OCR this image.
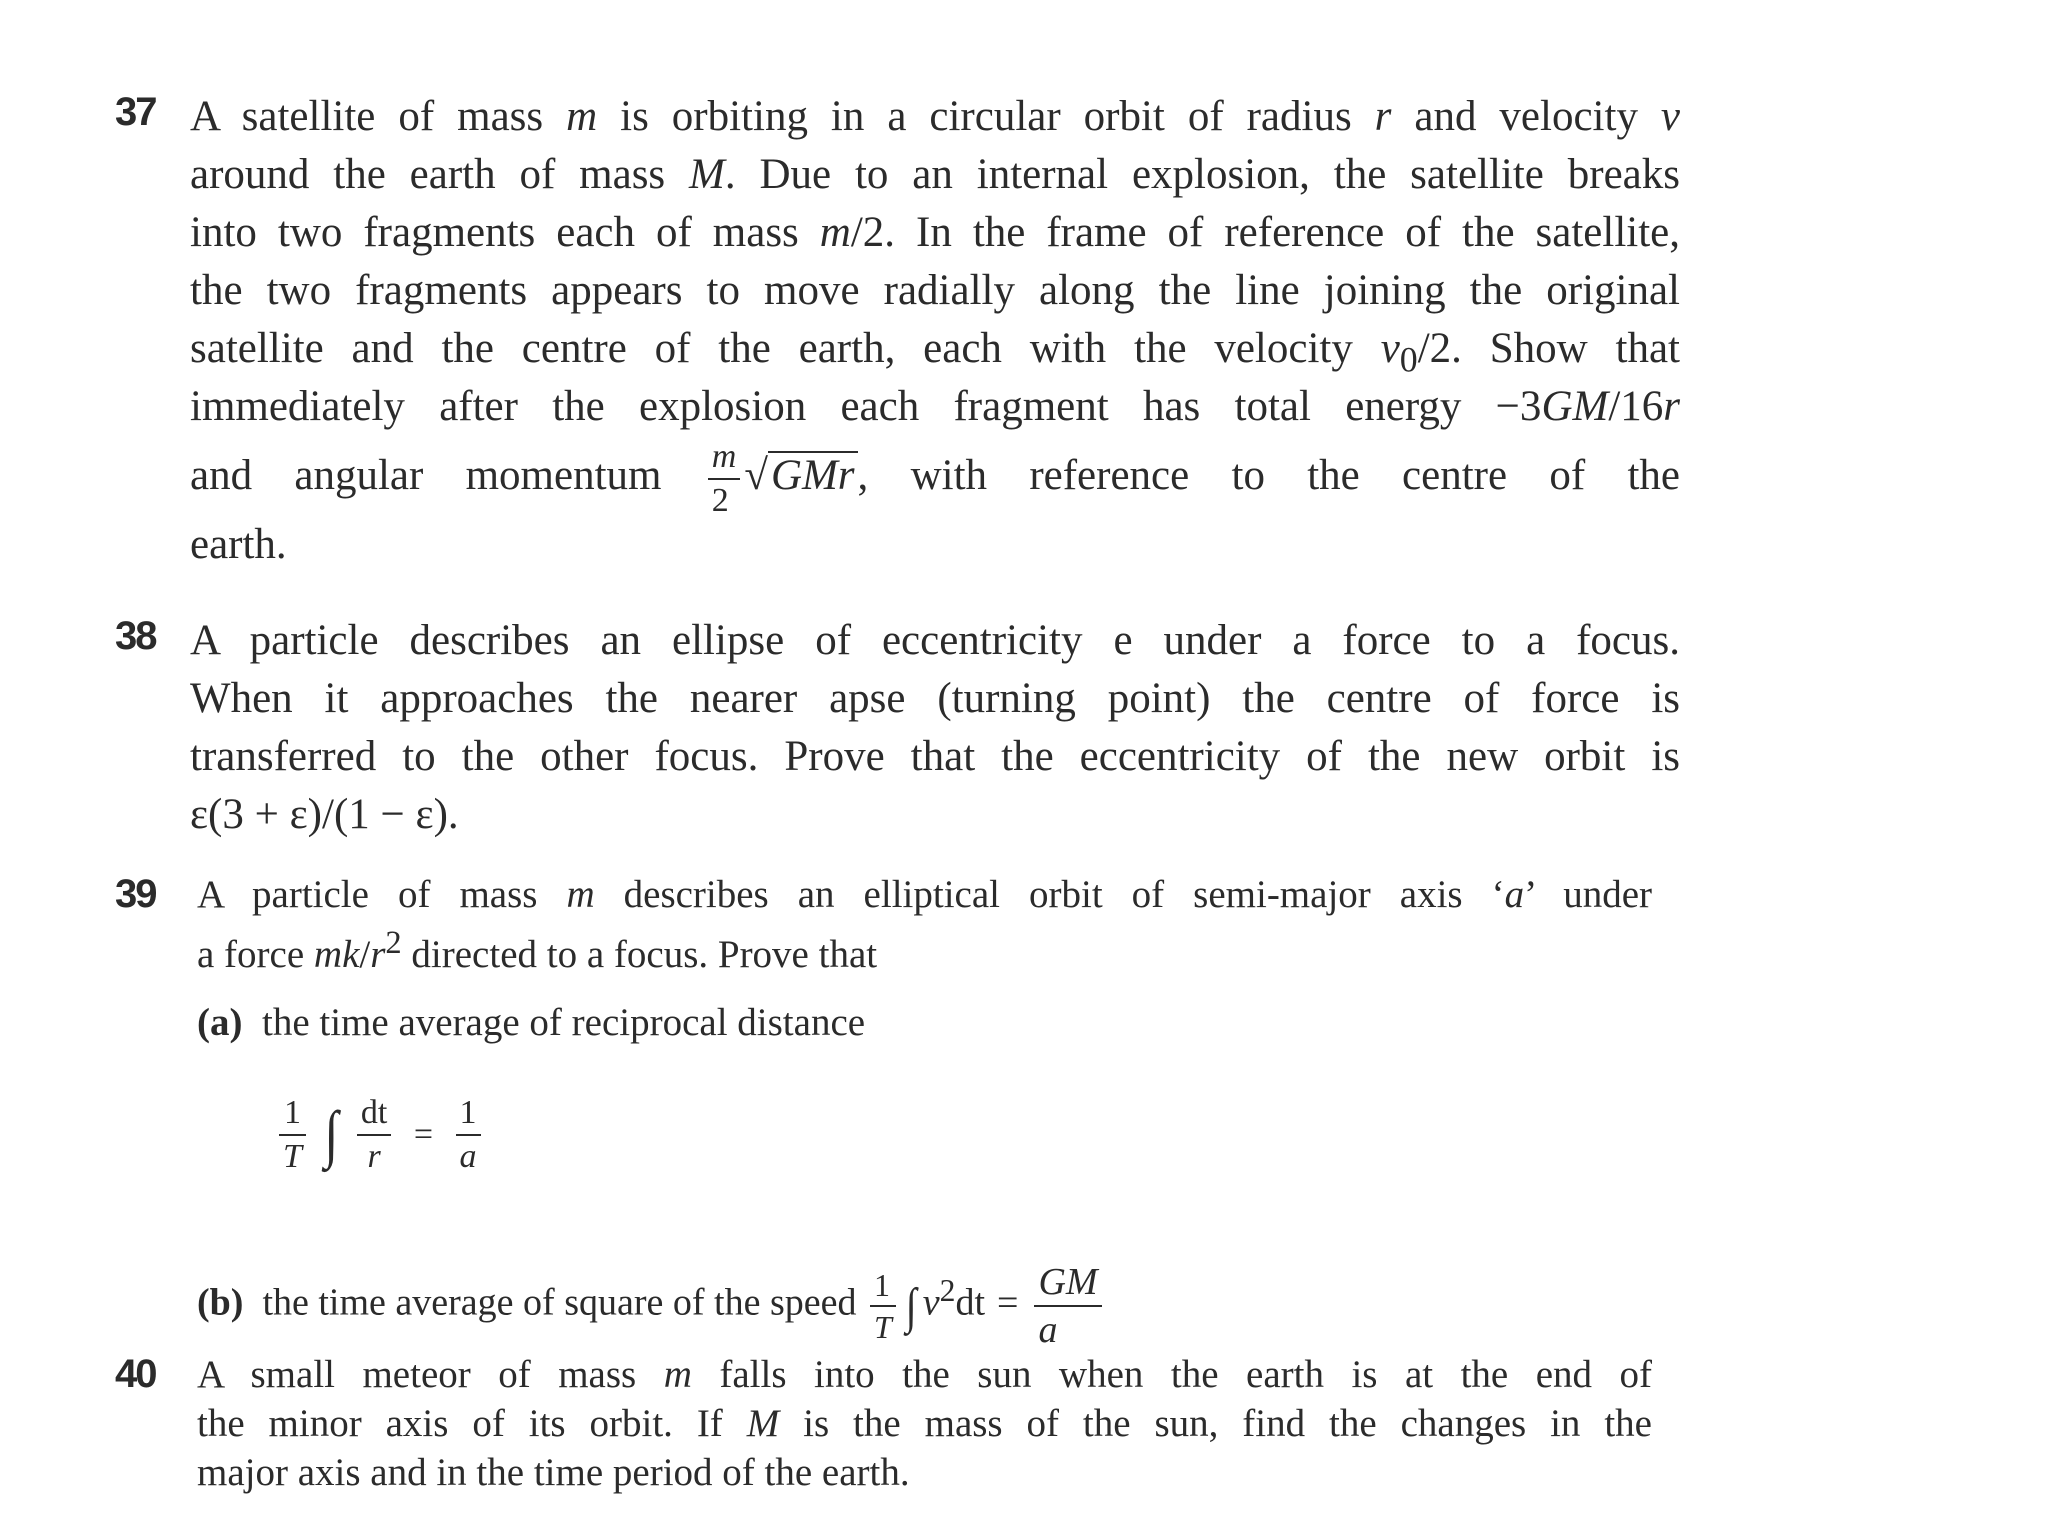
37 A satellite of mass m is orbiting in a circular orbit of radius r and velocity v
around the earth of mass M. Due to an internal explosion, the satellite breaks
into two fragments each of mass m/2. In the frame of reference of the satellite,
the two fragments appears to move radially along the line joining the original
satellite and the centre of the earth, each with the velocity $v_0/2$. Show that
immediately after the explosion each fragment has total energy −3GM/16r
and angular momentum $\frac{m}{2} √GMr$, with reference to the centre of the
earth.
38 A particle describes an ellipse of eccentricity e under a force to a focus.
When it approaches the nearer apse (turning point) the centre of force is
transferred to the other focus. Prove that the eccentricity of the new orbit is
ε(3 + ε)/(1 − ε).
39 A particle of mass m describes an elliptical orbit of semi-major axis ‘a’ under
a force $mk/r^2$ directed to a focus. Prove that
(a) the time average of reciprocal distance
$\frac{1}{T}$ ∫ $\frac{dt}{r} = \frac{1}{a}$
(b) the time average of square of the speed $\frac{1}{T}$ ∫ $v^2dt = \frac{GM}{a}$
40 A small meteor of mass m falls into the sun when the earth is at the end of
the minor axis of its orbit. If M is the mass of the sun, find the changes in the
major axis and in the time period of the earth.
